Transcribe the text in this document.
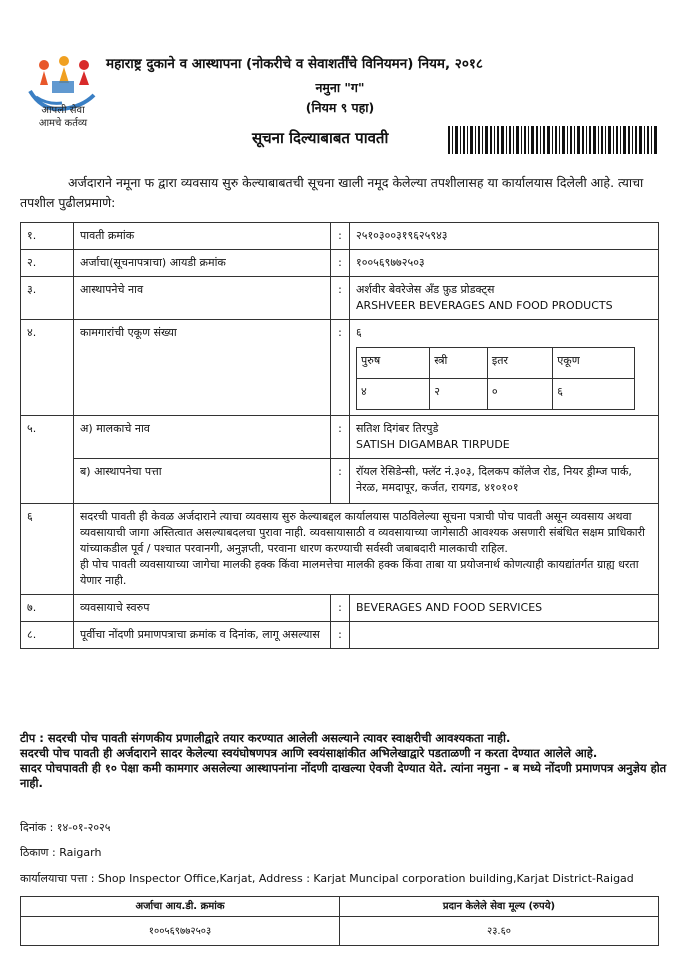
आपली सेवा
आमचे कर्तव्य
महाराष्ट्र दुकाने व आस्थापना (नोकरीचे व सेवाशर्तींचे विनियमन) नियम, २०१८
नमुना "ग"
(नियम ९ पहा)
सूचना दिल्याबाबत पावती
अर्जदाराने नमूना फ द्वारा व्यवसाय सुरु केल्याबाबतची सूचना खाली नमूद केलेल्या तपशीलासह या कार्यालयास दिलेली आहे. त्याचा तपशील पुढीलप्रमाणे:
१.	पावती क्रमांक	:	२५१०३००३१९६२५९४३
२.	अर्जाचा(सूचनापत्राचा) आयडी क्रमांक	:	१००५६९७७२५०३
३.	आस्थापनेचे नाव	:	अर्शवीर बेवरेजेस अँड फ़ुड प्रोडक्ट्स
ARSHVEER BEVERAGES AND FOOD PRODUCTS

४.	कामगारांची एकूण संख्या	:	६
पुरुष	स्त्री	इतर	एकूण
४	२	०	६

५.	अ) मालकाचे नाव	:	सतिश दिगंबर तिरपुडे
SATISH DIGAMBAR TIRPUDE

ब) आस्थापनेचा पत्ता	:	रॉयल रेसिडेन्सी, फ्लॅट नं.३०३, दिलकप कॉलेज रोड, नियर ड्रीम्ज पार्क, नेरळ, ममदापूर, कर्जत, रायगड, ४१०१०१
६	सदरची पावती ही केवळ अर्जदाराने त्याचा व्यवसाय सुरु केल्याबद्दल कार्यालयास पाठविलेल्या सूचना पत्राची पोच पावती असून व्यवसाय अथवा व्यवसायाची जागा अस्तित्वात असल्याबदलचा पुरावा नाही. व्यवसायासाठी व व्यवसायाच्या जागेसाठी आवश्यक असणारी संबंधित सक्षम प्राधिकारी यांच्याकडील पूर्व / पश्चात परवानगी, अनुज्ञप्ती, परवाना धारण करण्याची सर्वस्वी जबाबदारी मालकाची राहिल.
ही पोच पावती व्यवसायाच्या जागेचा मालकी हक्क किंवा मालमत्तेचा मालकी हक्क किंवा ताबा या प्रयोजनार्थ कोणत्याही कायद्यांतर्गत ग्राह्य धरता येणार नाही.

७.	व्यवसायाचे स्वरुप	:	BEVERAGES AND FOOD SERVICES
८.	पूर्वीचा नोंदणी प्रमाणपत्राचा क्रमांक व दिनांक, लागू असल्यास	:	
टीप : सदरची पोच पावती संगणकीय प्रणालीद्वारे तयार करण्यात आलेली असल्याने त्यावर स्वाक्षरीची आवश्यकता नाही.
सदरची पोच पावती ही अर्जदाराने सादर केलेल्या स्वयंघोषणपत्र आणि स्वयंसाक्षांकीत अभिलेखाद्वारे पडताळणी न करता देण्यात आलेले आहे.
सादर पोचपावती ही १० पेक्षा कमी कामगार असलेल्या आस्थापनांना नोंदणी दाखल्या ऐवजी देण्यात येते. त्यांना नमुना - ब मध्ये नोंदणी प्रमाणपत्र अनुज्ञेय होत नाही.
दिनांक : १४-०१-२०२५
ठिकाण : Raigarh
कार्यालयाचा पत्ता : Shop Inspector Office,Karjat, Address : Karjat Muncipal corporation building,Karjat District-Raigad
अर्जाचा आय.डी. क्रमांक	प्रदान केलेले सेवा मूल्य (रुपये)
१००५६९७७२५०३	२३.६०
